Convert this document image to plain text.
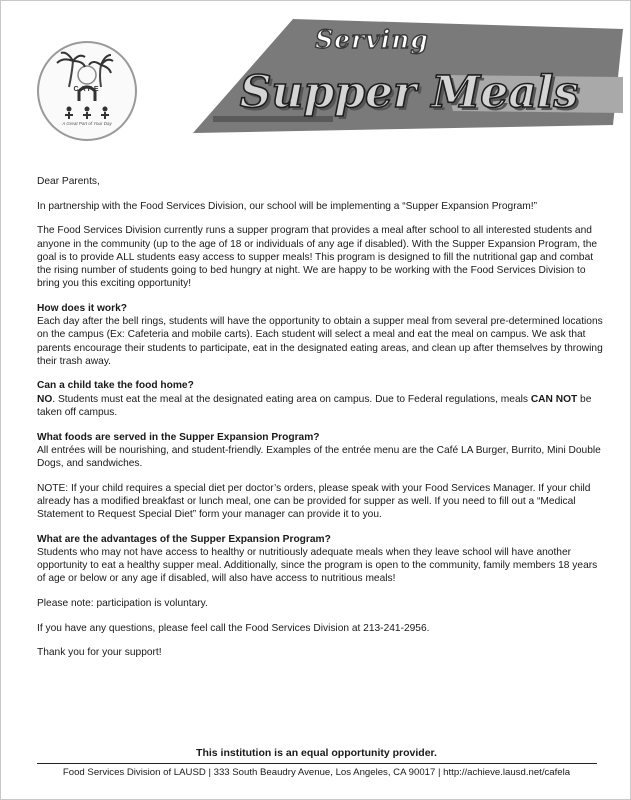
CAFE
A Great Part of Your Day
Serving
Supper Meals

Dear Parents,

In partnership with the Food Services Division, our school will be implementing a “Supper Expansion Program!”

The Food Services Division currently runs a supper program that provides a meal after school to all interested students and anyone in the community (up to the age of 18 or individuals of any age if disabled). With the Supper Expansion Program, the goal is to provide ALL students easy access to supper meals! This program is designed to fill the nutritional gap and combat the rising number of students going to bed hungry at night. We are happy to be working with the Food Services Division to bring you this exciting opportunity!

How does it work?
Each day after the bell rings, students will have the opportunity to obtain a supper meal from several pre-determined locations on the campus (Ex: Cafeteria and mobile carts). Each student will select a meal and eat the meal on campus. We ask that parents encourage their students to participate, eat in the designated eating areas, and clean up after themselves by throwing their trash away.
Can a child take the food home?
NO. Students must eat the meal at the designated eating area on campus. Due to Federal regulations, meals CAN NOT be taken off campus.
What foods are served in the Supper Expansion Program?
All entrées will be nourishing, and student-friendly. Examples of the entrée menu are the Café LA Burger, Burrito, Mini Double Dogs, and sandwiches.

NOTE: If your child requires a special diet per doctor’s orders, please speak with your Food Services Manager. If your child already has a modified breakfast or lunch meal, one can be provided for supper as well. If you need to fill out a “Medical Statement to Request Special Diet” form your manager can provide it to you.

What are the advantages of the Supper Expansion Program?
Students who may not have access to healthy or nutritiously adequate meals when they leave school will have another opportunity to eat a healthy supper meal. Additionally, since the program is open to the community, family members 18 years of age or below or any age if disabled, will also have access to nutritious meals!

Please note: participation is voluntary.

If you have any questions, please feel call the Food Services Division at 213-241-2956.

Thank you for your support!

This institution is an equal opportunity provider.
Food Services Division of LAUSD | 333 South Beaudry Avenue, Los Angeles, CA 90017 | http://achieve.lausd.net/cafela
